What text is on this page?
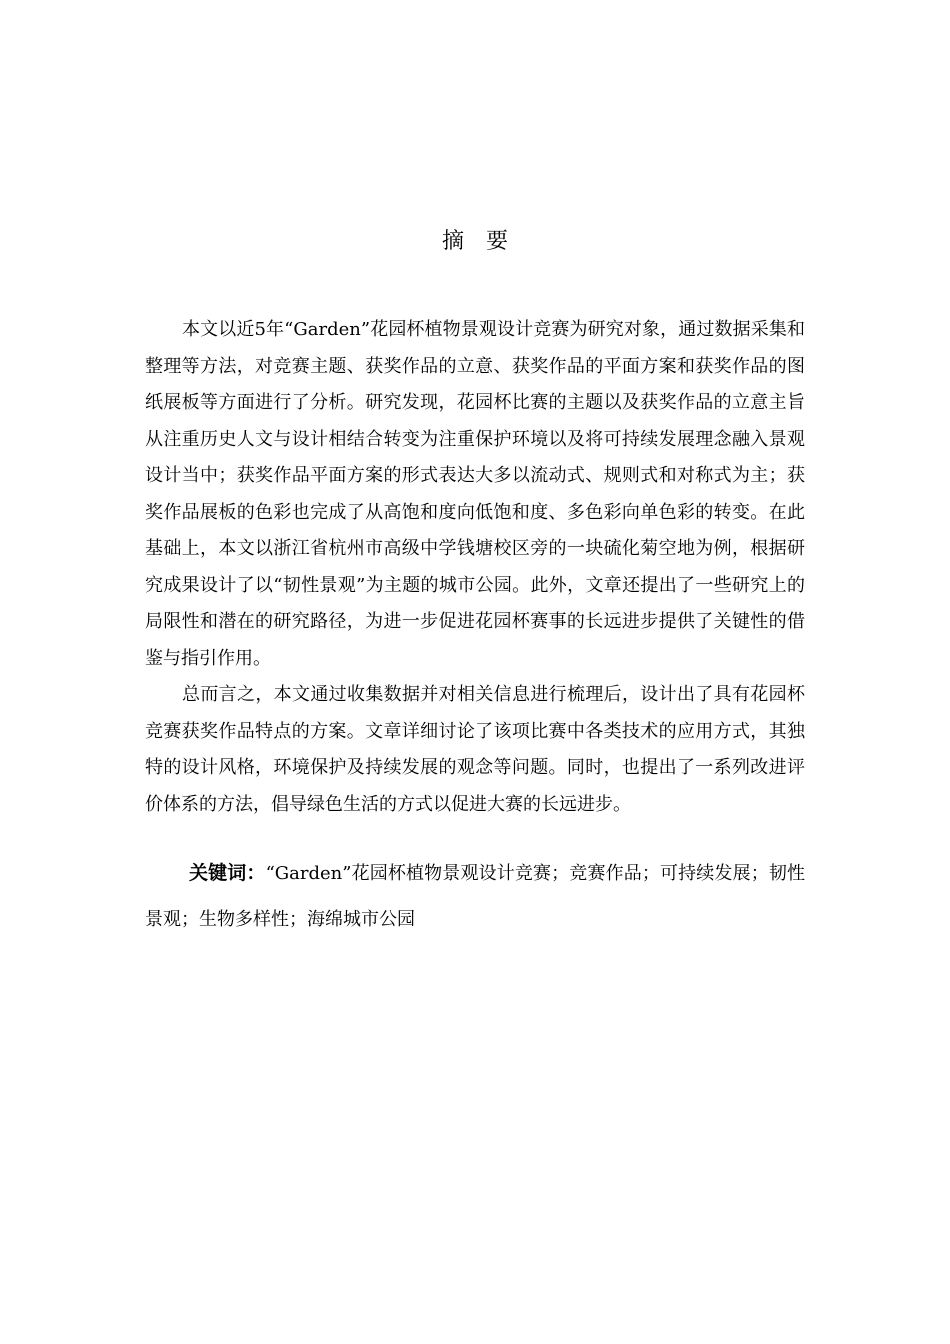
摘要

本文以近5年“Garden”花园杯植物景观设计竞赛为研究对象，通过数据采集和整理等方法，对竞赛主题、获奖作品的立意、获奖作品的平面方案和获奖作品的图纸展板等方面进行了分析。研究发现，花园杯比赛的主题以及获奖作品的立意主旨从注重历史人文与设计相结合转变为注重保护环境以及将可持续发展理念融入景观设计当中；获奖作品平面方案的形式表达大多以流动式、规则式和对称式为主；获奖作品展板的色彩也完成了从高饱和度向低饱和度、多色彩向单色彩的转变。在此基础上，本文以浙江省杭州市高级中学钱塘校区旁的一块硫化菊空地为例，根据研究成果设计了以“韧性景观”为主题的城市公园。此外，文章还提出了一些研究上的局限性和潜在的研究路径，为进一步促进花园杯赛事的长远进步提供了关键性的借鉴与指引作用。

总而言之，本文通过收集数据并对相关信息进行梳理后，设计出了具有花园杯竞赛获奖作品特点的方案。文章详细讨论了该项比赛中各类技术的应用方式，其独特的设计风格，环境保护及持续发展的观念等问题。同时，也提出了一系列改进评价体系的方法，倡导绿色生活的方式以促进大赛的长远进步。

关键词：“Garden”花园杯植物景观设计竞赛；竞赛作品；可持续发展；韧性景观；生物多样性；海绵城市公园
